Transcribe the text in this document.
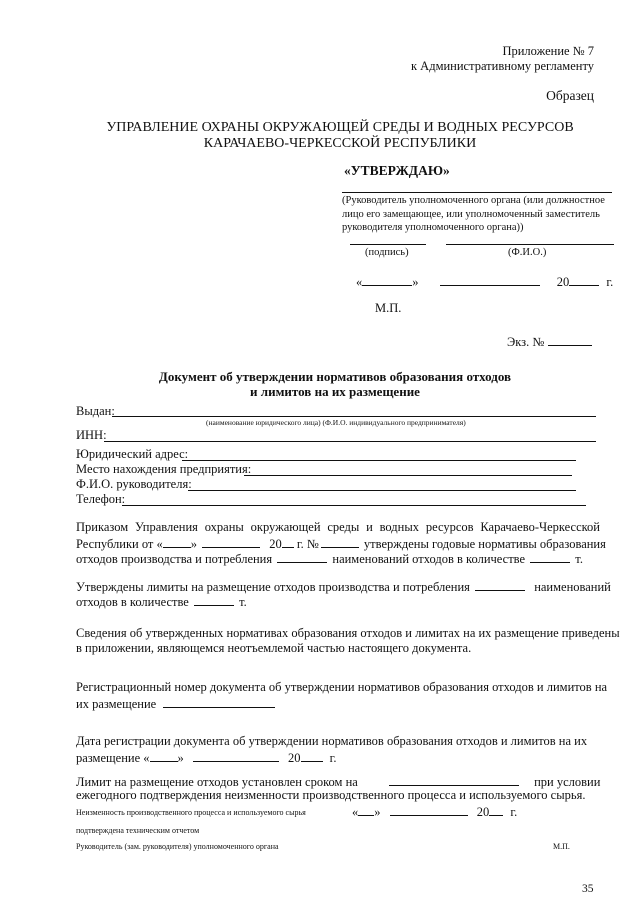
Приложение № 7
к Административному регламенту
Образец
УПРАВЛЕНИЕ ОХРАНЫ ОКРУЖАЮЩЕЙ СРЕДЫ И ВОДНЫХ РЕСУРСОВ
КАРАЧАЕВО-ЧЕРКЕССКОЙ РЕСПУБЛИКИ
«УТВЕРЖДАЮ»
(Руководитель уполномоченного органа (или должностное лицо его замещающее, или уполномоченный заместитель руководителя уполномоченного органа))
(подпись)	(Ф.И.О.)
«	»	20	г.
М.П.
Экз. №
Документ об утверждении нормативов образования отходов
и лимитов на их размещение
Выдан:
(наименование юридического лица) (Ф.И.О. индивидуального предпринимателя)
ИНН:
Юридический адрес:
Место нахождения предприятия:
Ф.И.О. руководителя:
Телефон:
Приказом Управления охраны окружающей среды и водных ресурсов Карачаево-Черкесской
Республики от « »	20 г. №	утверждены годовые нормативы образования
отходов производства и потребления	наименований отходов в количестве	т.
Утверждены лимиты на размещение отходов производства и потребления	наименований
отходов в количестве	т.
Сведения об утвержденных нормативах образования отходов и лимитах на их размещение приведены
в приложении, являющемся неотъемлемой частью настоящего документа.
Регистрационный номер документа об утверждении нормативов образования отходов и лимитов на
их размещение
Дата регистрации документа об утверждении нормативов образования отходов и лимитов на их
размещение « »	20 г.
Лимит на размещение отходов установлен сроком на	при условии
ежегодного подтверждения неизменности производственного процесса и используемого сырья.
Неизменность производственного процесса и используемого сырья	« »	20 г.
подтверждена техническим отчетом
Руководитель (зам. руководителя) уполномоченного органа	М.П.
35
